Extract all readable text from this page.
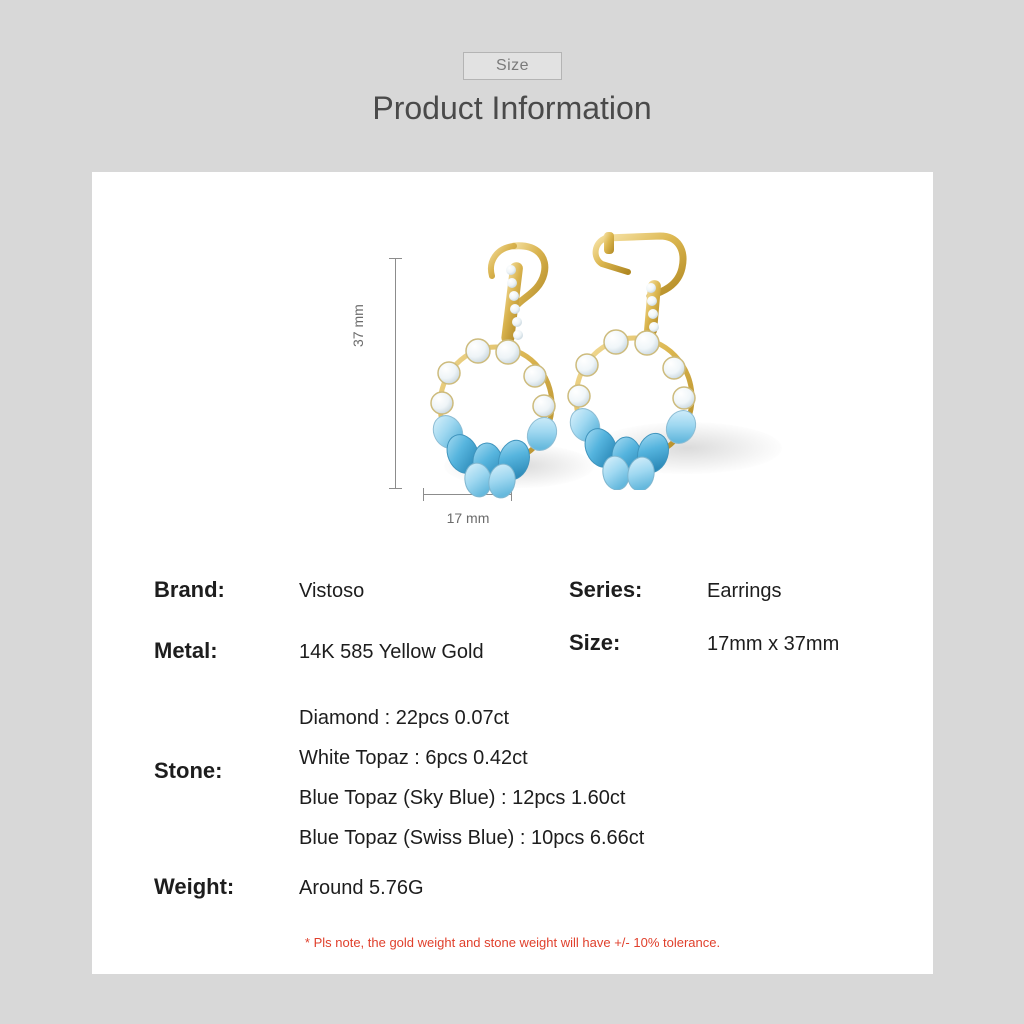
Size
Product Information
37 mm
17 mm
Brand:	Vistoso	Series:	Earrings
Metal:	14K 585 Yellow Gold	Size:	17mm x 37mm
Stone:
Diamond : 22pcs 0.07ct
White Topaz : 6pcs 0.42ct
Blue Topaz (Sky Blue) : 12pcs 1.60ct
Blue Topaz (Swiss Blue) : 10pcs 6.66ct
Weight:	Around 5.76G
* Pls note, the gold weight and stone weight will have +/- 10% tolerance.
